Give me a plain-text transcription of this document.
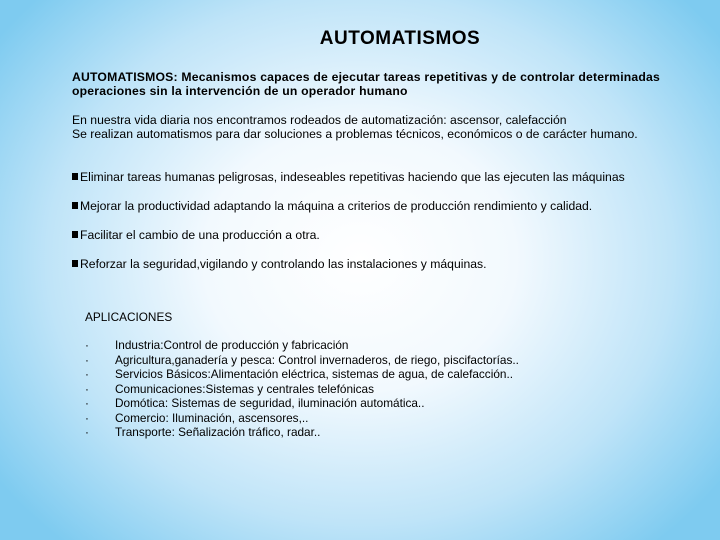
AUTOMATISMOS
AUTOMATISMOS: Mecanismos capaces de ejecutar tareas repetitivas y de controlar determinadas operaciones sin la intervención de un operador humano
En nuestra vida diaria nos encontramos rodeados de automatización: ascensor, calefacción
Se realizan automatismos para dar soluciones a problemas técnicos, económicos o de carácter humano.
Eliminar tareas humanas peligrosas, indeseables repetitivas haciendo que las ejecuten las máquinas
Mejorar la productividad adaptando la máquina a criterios de producción rendimiento y calidad.
Facilitar el cambio de una producción a otra.
Reforzar la seguridad,vigilando y controlando las instalaciones y máquinas.
APLICACIONES
· Industria:Control de producción y fabricación
· Agricultura,ganadería y pesca: Control invernaderos, de riego, piscifactorías..
· Servicios Básicos:Alimentación eléctrica, sistemas de agua, de calefacción..
· Comunicaciones:Sistemas y centrales telefónicas
· Domótica: Sistemas de seguridad, iluminación automática..
· Comercio: Iluminación, ascensores,..
· Transporte: Señalización tráfico, radar..
